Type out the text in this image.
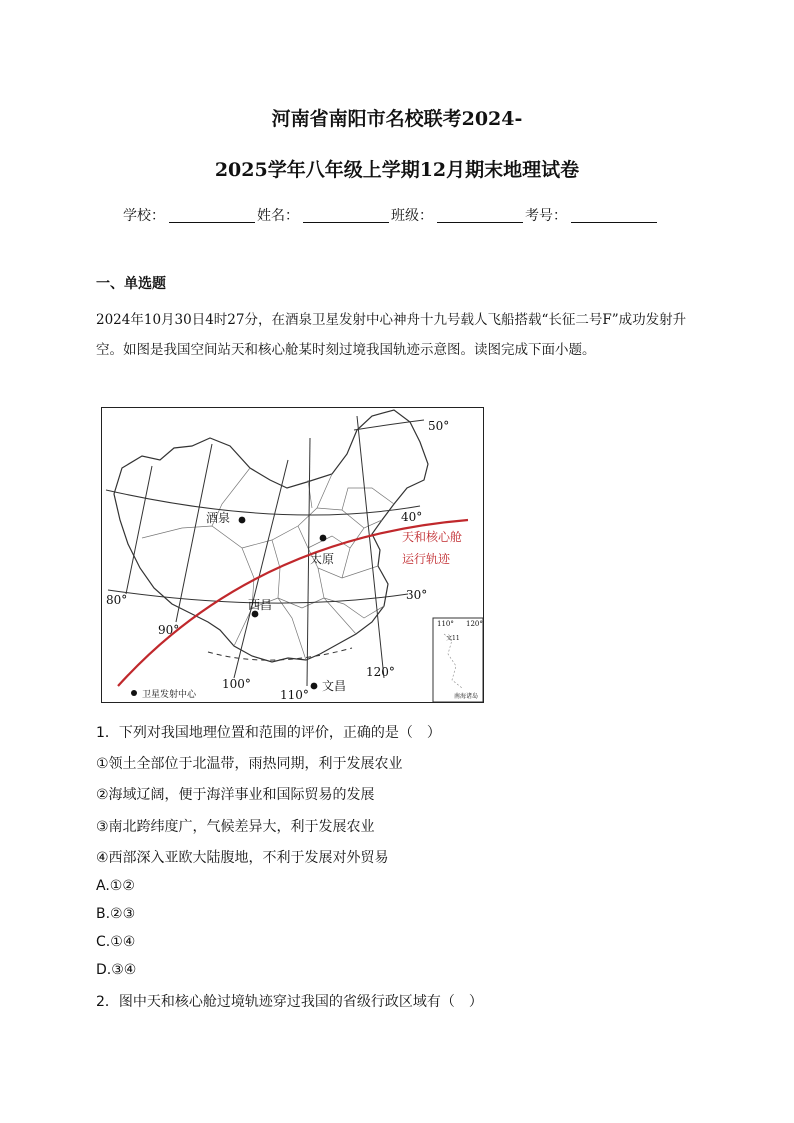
河南省南阳市名校联考2024-
2025学年八年级上学期12月期末地理试卷
学校：	姓名：	班级：	考号：
一、单选题
2024年10月30日4时27分，在酒泉卫星发射中心神舟十九号载人飞船搭载“长征二号F”成功发射升空。如图是我国空间站天和核心舱某时刻过境我国轨迹示意图。读图完成下面小题。
酒泉
太原
西昌
文昌
50°
40°
30°
80°
90°
100°
110°
120°
天和核心舱
运行轨迹
卫星发射中心
110° 120°
文11
南海诸岛
1．下列对我国地理位置和范围的评价，正确的是（　）
①领土全部位于北温带，雨热同期，利于发展农业
②海域辽阔，便于海洋事业和国际贸易的发展
③南北跨纬度广，气候差异大，利于发展农业
④西部深入亚欧大陆腹地，不利于发展对外贸易
A.①②
B.②③
C.①④
D.③④
2．图中天和核心舱过境轨迹穿过我国的省级行政区域有（　）
